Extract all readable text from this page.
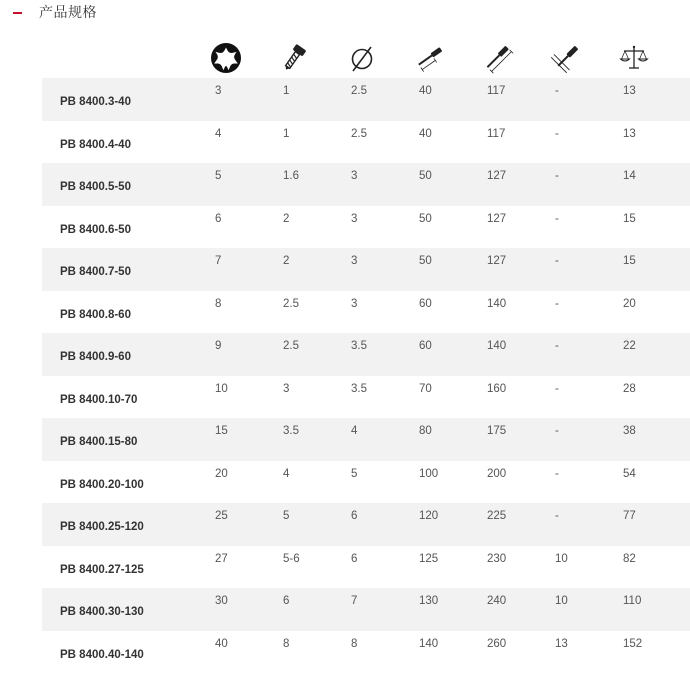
产品规格
PB 8400.3-40
3	1	2.5	40	117	-	13
PB 8400.4-40
4	1	2.5	40	117	-	13
PB 8400.5-50
5	1.6	3	50	127	-	14
PB 8400.6-50
6	2	3	50	127	-	15
PB 8400.7-50
7	2	3	50	127	-	15
PB 8400.8-60
8	2.5	3	60	140	-	20
PB 8400.9-60
9	2.5	3.5	60	140	-	22
PB 8400.10-70
10	3	3.5	70	160	-	28
PB 8400.15-80
15	3.5	4	80	175	-	38
PB 8400.20-100
20	4	5	100	200	-	54
PB 8400.25-120
25	5	6	120	225	-	77
PB 8400.27-125
27	5-6	6	125	230	10	82
PB 8400.30-130
30	6	7	130	240	10	110
PB 8400.40-140
40	8	8	140	260	13	152
